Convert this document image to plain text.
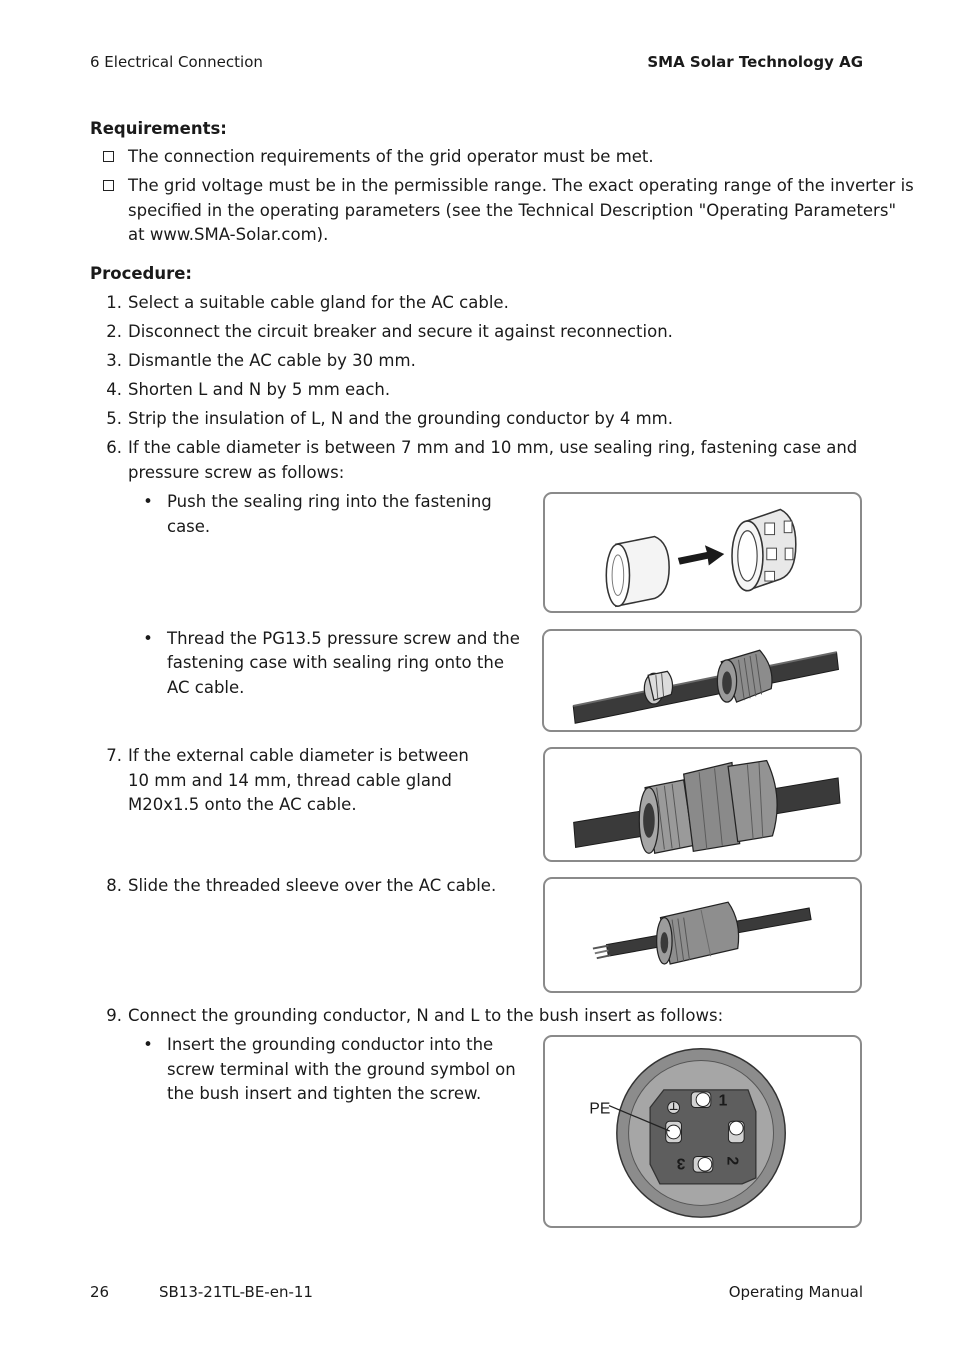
6 Electrical Connection	SMA Solar Technology AG
Requirements:
The connection requirements of the grid operator must be met.
The grid voltage must be in the permissible range. The exact operating range of the inverter is
specified in the operating parameters (see the Technical Description "Operating Parameters"
at www.SMA-Solar.com).
Procedure:
1. Select a suitable cable gland for the AC cable.
2. Disconnect the circuit breaker and secure it against reconnection.
3. Dismantle the AC cable by 30 mm.
4. Shorten L and N by 5 mm each.
5. Strip the insulation of L, N and the grounding conductor by 4 mm.
6. If the cable diameter is between 7 mm and 10 mm, use sealing ring, fastening case and
pressure screw as follows:
• Push the sealing ring into the fastening
case.
• Thread the PG13.5 pressure screw and the
fastening case with sealing ring onto the
AC cable.
7. If the external cable diameter is between
10 mm and 14 mm, thread cable gland
M20x1.5 onto the AC cable.
8. Slide the threaded sleeve over the AC cable.
9. Connect the grounding conductor, N and L to the bush insert as follows:
• Insert the grounding conductor into the
screw terminal with the ground symbol on
the bush insert and tighten the screw.
PE	1
2
3
26	SB13-21TL-BE-en-11	Operating Manual
